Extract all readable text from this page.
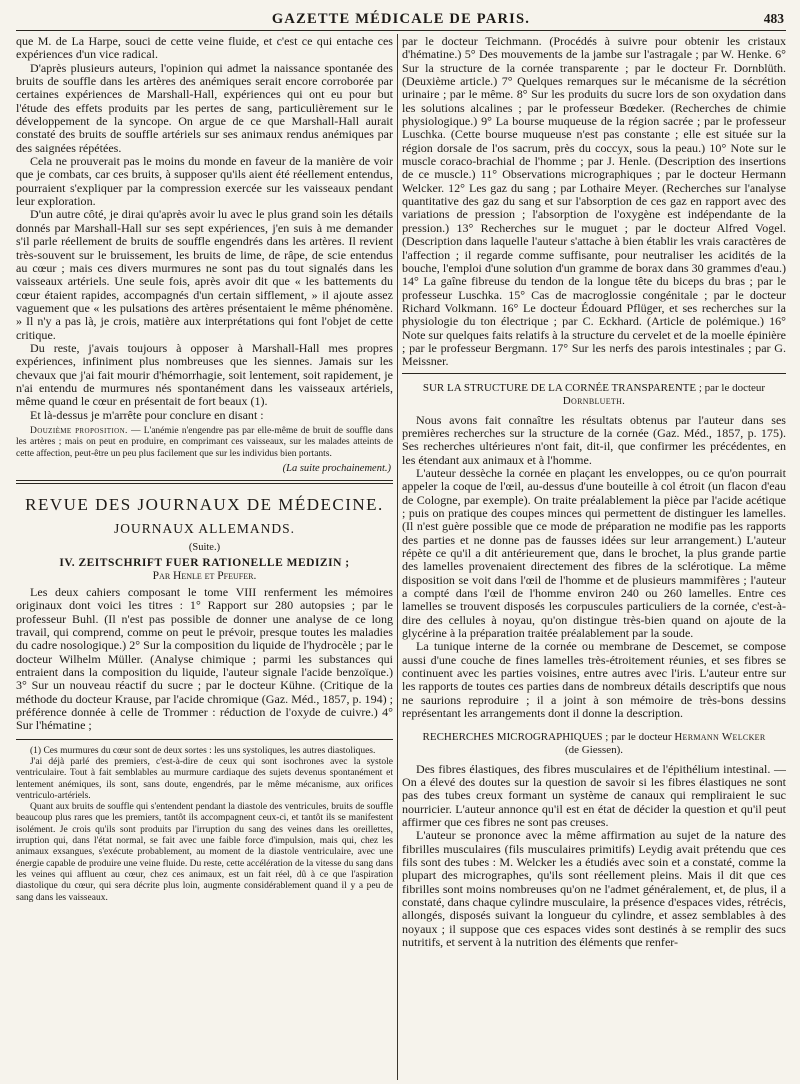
GAZETTE MÉDICALE DE PARIS.	483

que M. de La Harpe, souci de cette veine fluide, et c'est ce qui entache ces expériences d'un vice radical.

D'après plusieurs auteurs, l'opinion qui admet la naissance spontanée des bruits de souffle dans les artères des anémiques serait encore corroborée par certaines expériences de Marshall-Hall, expériences qui ont eu pour but l'étude des effets produits par les pertes de sang, particulièrement sur le développement de la syncope. On argue de ce que Marshall-Hall aurait constaté des bruits de souffle artériels sur ses animaux rendus anémiques par des saignées répétées.

Cela ne prouverait pas le moins du monde en faveur de la manière de voir que je combats, car ces bruits, à supposer qu'ils aient été réellement entendus, pourraient s'expliquer par la compression exercée sur les vaisseaux pendant leur exploration.

D'un autre côté, je dirai qu'après avoir lu avec le plus grand soin les détails donnés par Marshall-Hall sur ses sept expériences, j'en suis à me demander s'il parle réellement de bruits de souffle engendrés dans les artères. Il revient très-souvent sur le bruissement, les bruits de lime, de râpe, de scie entendus au cœur ; mais ces divers murmures ne sont pas du tout signalés dans les vaisseaux artériels. Une seule fois, après avoir dit que « les battements du cœur étaient rapides, accompagnés d'un certain sifflement, » il ajoute assez vaguement que « les pulsations des artères présentaient le même phénomène. » Il n'y a pas là, je crois, matière aux interprétations qui font l'objet de cette critique.

Du reste, j'avais toujours à opposer à Marshall-Hall mes propres expériences, infiniment plus nombreuses que les siennes. Jamais sur les chevaux que j'ai fait mourir d'hémorrhagie, soit lentement, soit rapidement, je n'ai entendu de murmures nés spontanément dans les vaisseaux artériels, même quand le cœur en présentait de fort beaux (1).

Et là-dessus je m'arrête pour conclure en disant :

Douzième proposition. — L'anémie n'engendre pas par elle-même de bruit de souffle dans les artères ; mais on peut en produire, en comprimant ces vaisseaux, sur les malades atteints de cette affection, peut-être un peu plus facilement que sur les individus bien portants.

(La suite prochainement.)
REVUE DES JOURNAUX DE MÉDECINE.
JOURNAUX ALLEMANDS.
(Suite.)
IV. ZEITSCHRIFT FUER RATIONELLE MEDIZIN ;
Par Henle et Pfeufer.

Les deux cahiers composant le tome VIII renferment les mémoires originaux dont voici les titres : 1° Rapport sur 280 autopsies ; par le professeur Buhl. (Il n'est pas possible de donner une analyse de ce long travail, qui comprend, comme on peut le prévoir, presque toutes les maladies du cadre nosologique.) 2° Sur la composition du liquide de l'hydrocèle ; par le docteur Wilhelm Müller. (Analyse chimique ; parmi les substances qui entraient dans la composition du liquide, l'auteur signale l'acide benzoïque.) 3° Sur un nouveau réactif du sucre ; par le docteur Kühne. (Critique de la méthode du docteur Krause, par l'acide chromique (Gaz. Méd., 1857, p. 194) ; préférence donnée à celle de Trommer : réduction de l'oxyde de cuivre.) 4° Sur l'hématine ;

(1) Ces murmures du cœur sont de deux sortes : les uns systoliques, les autres diastoliques.

J'ai déjà parlé des premiers, c'est-à-dire de ceux qui sont isochrones avec la systole ventriculaire. Tout à fait semblables au murmure cardiaque des sujets devenus spontanément et lentement anémiques, ils sont, sans doute, engendrés, par le même mécanisme, aux orifices ventriculo-artériels.

Quant aux bruits de souffle qui s'entendent pendant la diastole des ventricules, bruits de souffle beaucoup plus rares que les premiers, tantôt ils accompagnent ceux-ci, et tantôt ils se manifestent isolément. Je crois qu'ils sont produits par l'irruption du sang des veines dans les oreillettes, irruption qui, dans l'état normal, se fait avec une faible force d'impulsion, mais qui, chez les animaux exsangues, s'exécute probablement, au moment de la diastole ventriculaire, avec une énergie capable de produire une veine fluide. Du reste, cette accélération de la vitesse du sang dans les veines qui affluent au cœur, chez ces animaux, est un fait réel, dû à ce que l'aspiration diastolique du cœur, qui sera décrite plus loin, augmente considérablement quand il y a peu de sang dans les vaisseaux.

par le docteur Teichmann. (Procédés à suivre pour obtenir les cristaux d'hématine.) 5° Des mouvements de la jambe sur l'astragale ; par W. Henke. 6° Sur la structure de la cornée transparente ; par le docteur Fr. Dornblüth. (Deuxième article.) 7° Quelques remarques sur le mécanisme de la sécrétion urinaire ; par le même. 8° Sur les produits du sucre lors de son oxydation dans les solutions alcalines ; par le professeur Bœdeker. (Recherches de chimie physiologique.) 9° La bourse muqueuse de la région sacrée ; par le professeur Luschka. (Cette bourse muqueuse n'est pas constante ; elle est située sur la région dorsale de l'os sacrum, près du coccyx, sous la peau.) 10° Note sur le muscle coraco-brachial de l'homme ; par J. Henle. (Description des insertions de ce muscle.) 11° Observations micrographiques ; par le docteur Hermann Welcker. 12° Les gaz du sang ; par Lothaire Meyer. (Recherches sur l'analyse quantitative des gaz du sang et sur l'absorption de ces gaz en rapport avec des variations de pression ; l'absorption de l'oxygène est indépendante de la pression.) 13° Recherches sur le muguet ; par le docteur Alfred Vogel. (Description dans laquelle l'auteur s'attache à bien établir les vrais caractères de l'affection ; il regarde comme suffisante, pour neutraliser les acidités de la bouche, l'emploi d'une solution d'un gramme de borax dans 30 grammes d'eau.) 14° La gaîne fibreuse du tendon de la longue tête du biceps du bras ; par le professeur Luschka. 15° Cas de macroglossie congénitale ; par le docteur Richard Volkmann. 16° Le docteur Édouard Pflüger, et ses recherches sur la physiologie du ton électrique ; par C. Eckhard. (Article de polémique.) 16° Note sur quelques faits relatifs à la structure du cervelet et de la moelle épinière ; par le professeur Bergmann. 17° Sur les nerfs des parois intestinales ; par G. Meissner.

SUR LA STRUCTURE DE LA CORNÉE TRANSPARENTE ; par le docteur
Dornblueth.

Nous avons fait connaître les résultats obtenus par l'auteur dans ses premières recherches sur la structure de la cornée (Gaz. Méd., 1857, p. 175). Ses recherches ultérieures n'ont fait, dit-il, que confirmer les précédentes, en les étendant aux animaux et à l'homme.

L'auteur dessèche la cornée en plaçant les enveloppes, ou ce qu'on pourrait appeler la coque de l'œil, au-dessus d'une bouteille à col étroit (un flacon d'eau de Cologne, par exemple). On traite préalablement la pièce par l'acide acétique ; puis on pratique des coupes minces qui permettent de distinguer les lamelles. (Il n'est guère possible que ce mode de préparation ne modifie pas les rapports des parties et ne donne pas de fausses idées sur leur arrangement.) L'auteur répète ce qu'il a dit antérieurement que, dans le brochet, la plus grande partie des lamelles provenaient directement des fibres de la sclérotique. La même disposition se voit dans l'œil de l'homme et de plusieurs mammifères ; l'auteur a compté dans l'œil de l'homme environ 240 ou 260 lamelles. Entre ces lamelles se trouvent disposés les corpuscules particuliers de la cornée, c'est-à-dire des cellules à noyau, qu'on distingue très-bien quand on ajoute de la glycérine à la préparation traitée préalablement par la soude.

La tunique interne de la cornée ou membrane de Descemet, se compose aussi d'une couche de fines lamelles très-étroitement réunies, et ses fibres se continuent avec les parties voisines, entre autres avec l'iris. L'auteur entre sur les rapports de toutes ces parties dans de nombreux détails descriptifs que nous ne saurions reproduire ; il a joint à son mémoire de très-bons dessins représentant les arrangements dont il donne la description.

RECHERCHES MICROGRAPHIQUES ; par le docteur Hermann Welcker
(de Giessen).

Des fibres élastiques, des fibres musculaires et de l'épithélium intestinal. — On a élevé des doutes sur la question de savoir si les fibres élastiques ne sont pas des tubes creux formant un système de canaux qui rempliraient le suc nourricier. L'auteur annonce qu'il est en état de décider la question et qu'il peut affirmer que ces fibres ne sont pas creuses.

L'auteur se prononce avec la même affirmation au sujet de la nature des fibrilles musculaires (fils musculaires primitifs) Leydig avait prétendu que ces fils sont des tubes : M. Welcker les a étudiés avec soin et a constaté, comme la plupart des micrographes, qu'ils sont réellement pleins. Mais il dit que ces fibrilles sont moins nombreuses qu'on ne l'admet généralement, et, de plus, il a constaté, dans chaque cylindre musculaire, la présence d'espaces vides, rétrécis, allongés, disposés suivant la longueur du cylindre, et assez semblables à des noyaux ; il suppose que ces espaces vides sont destinés à se remplir des sucs nutritifs, et servent à la nutrition des éléments que renfer-
